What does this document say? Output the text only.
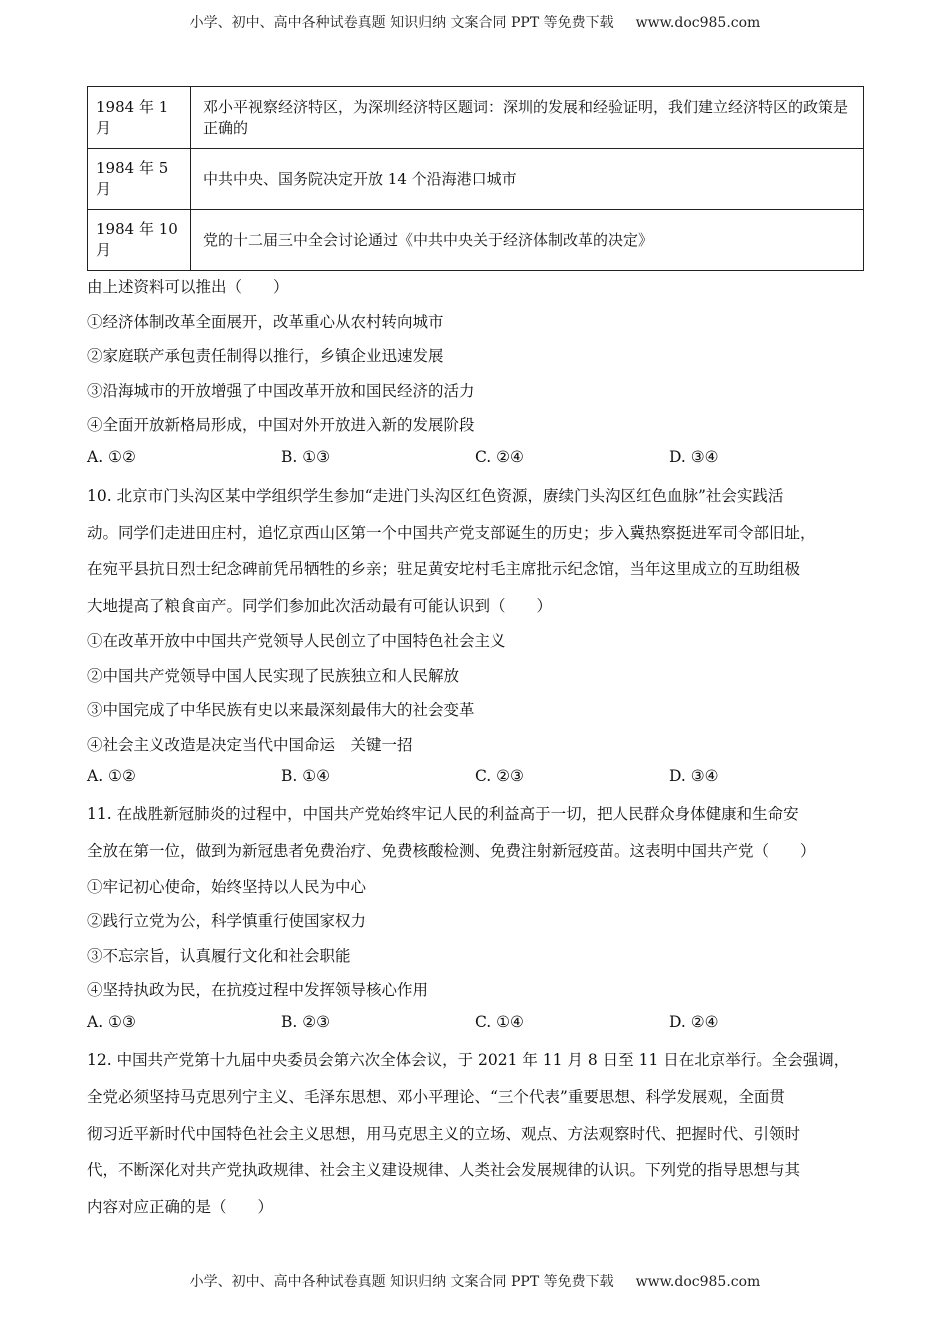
小学、初中、高中各种试卷真题 知识归纳 文案合同 PPT 等免费下载 www.doc985.com
1984 年 1 月	邓小平视察经济特区，为深圳经济特区题词：深圳的发展和经验证明，我们建立经济特区的政策是正确的
1984 年 5 月	中共中央、国务院决定开放 14 个沿海港口城市
1984 年 10 月	党的十二届三中全会讨论通过《中共中央关于经济体制改革的决定》
由上述资料可以推出（　　）
①经济体制改革全面展开，改革重心从农村转向城市
②家庭联产承包责任制得以推行，乡镇企业迅速发展
③沿海城市的开放增强了中国改革开放和国民经济的活力
④全面开放新格局形成，中国对外开放进入新的发展阶段
A. ①②	B. ①③	C. ②④	D. ③④
10. 北京市门头沟区某中学组织学生参加“走进门头沟区红色资源，赓续门头沟区红色血脉”社会实践活
动。同学们走进田庄村，追忆京西山区第一个中国共产党支部诞生的历史；步入冀热察挺进军司令部旧址，
在宛平县抗日烈士纪念碑前凭吊牺牲的乡亲；驻足黄安坨村毛主席批示纪念馆，当年这里成立的互助组极
大地提高了粮食亩产。同学们参加此次活动最有可能认识到（　　）
①在改革开放中中国共产党领导人民创立了中国特色社会主义
②中国共产党领导中国人民实现了民族独立和人民解放
③中国完成了中华民族有史以来最深刻最伟大的社会变革
④社会主义改造是决定当代中国命运　关键一招
A. ①②	B. ①④	C. ②③	D. ③④
11. 在战胜新冠肺炎的过程中，中国共产党始终牢记人民的利益高于一切，把人民群众身体健康和生命安
全放在第一位，做到为新冠患者免费治疗、免费核酸检测、免费注射新冠疫苗。这表明中国共产党（　　）
①牢记初心使命，始终坚持以人民为中心
②践行立党为公，科学慎重行使国家权力
③不忘宗旨，认真履行文化和社会职能
④坚持执政为民，在抗疫过程中发挥领导核心作用
A. ①③	B. ②③	C. ①④	D. ②④
12. 中国共产党第十九届中央委员会第六次全体会议，于 2021 年 11 月 8 日至 11 日在北京举行。全会强调，
全党必须坚持马克思列宁主义、毛泽东思想、邓小平理论、“三个代表”重要思想、科学发展观，全面贯
彻习近平新时代中国特色社会主义思想，用马克思主义的立场、观点、方法观察时代、把握时代、引领时
代，不断深化对共产党执政规律、社会主义建设规律、人类社会发展规律的认识。下列党的指导思想与其
内容对应正确的是（　　）
小学、初中、高中各种试卷真题 知识归纳 文案合同 PPT 等免费下载 www.doc985.com
